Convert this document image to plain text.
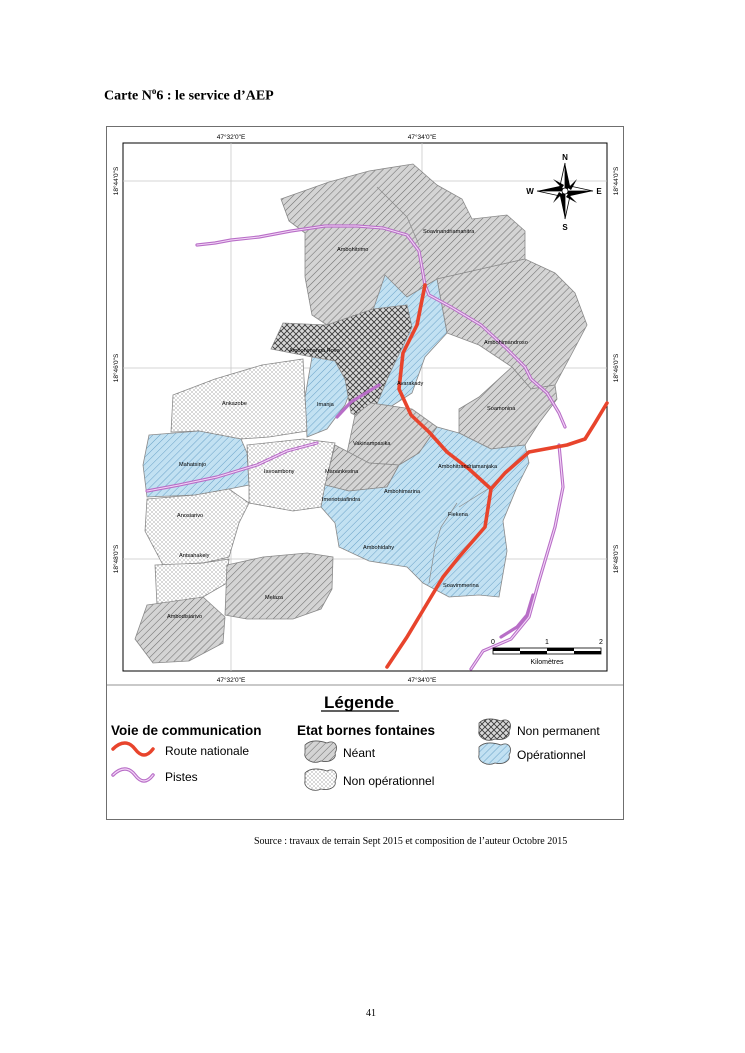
Carte $N^o6$ : le service d’AEP
Soavinandriamanitra
Ambohitrimo
Ambohimanga Rova
Ambohimandroso
Avarakady
Ankazobe	Imanja
Soamonina
Vakinampasika
Mahatsinjo
Iavoambony	Manankesina
Ambohitrandriamanjaka
Imeriotsiafindra
Ambohimarina
Anosiarivo	Fiekena
Ambohidahy
Antsahakely
Soavimmerina
Melaza
Ambodisiarivo
47°32'0"E	47°34'0"E
47°32'0"E	47°34'0"E
18°44'0"S
18°46'0"S
18°48'0"S
18°44'0"S
18°46'0"S
18°48'0"S
N
S
E
W
0	1	2
Kilomètres
Légende
Voie de communication
Route nationale
Pistes
Etat bornes fontaines
Néant
Non opérationnel
Non permanent
Opérationnel
Source : travaux de terrain Sept 2015 et composition de l’auteur Octobre 2015
41
